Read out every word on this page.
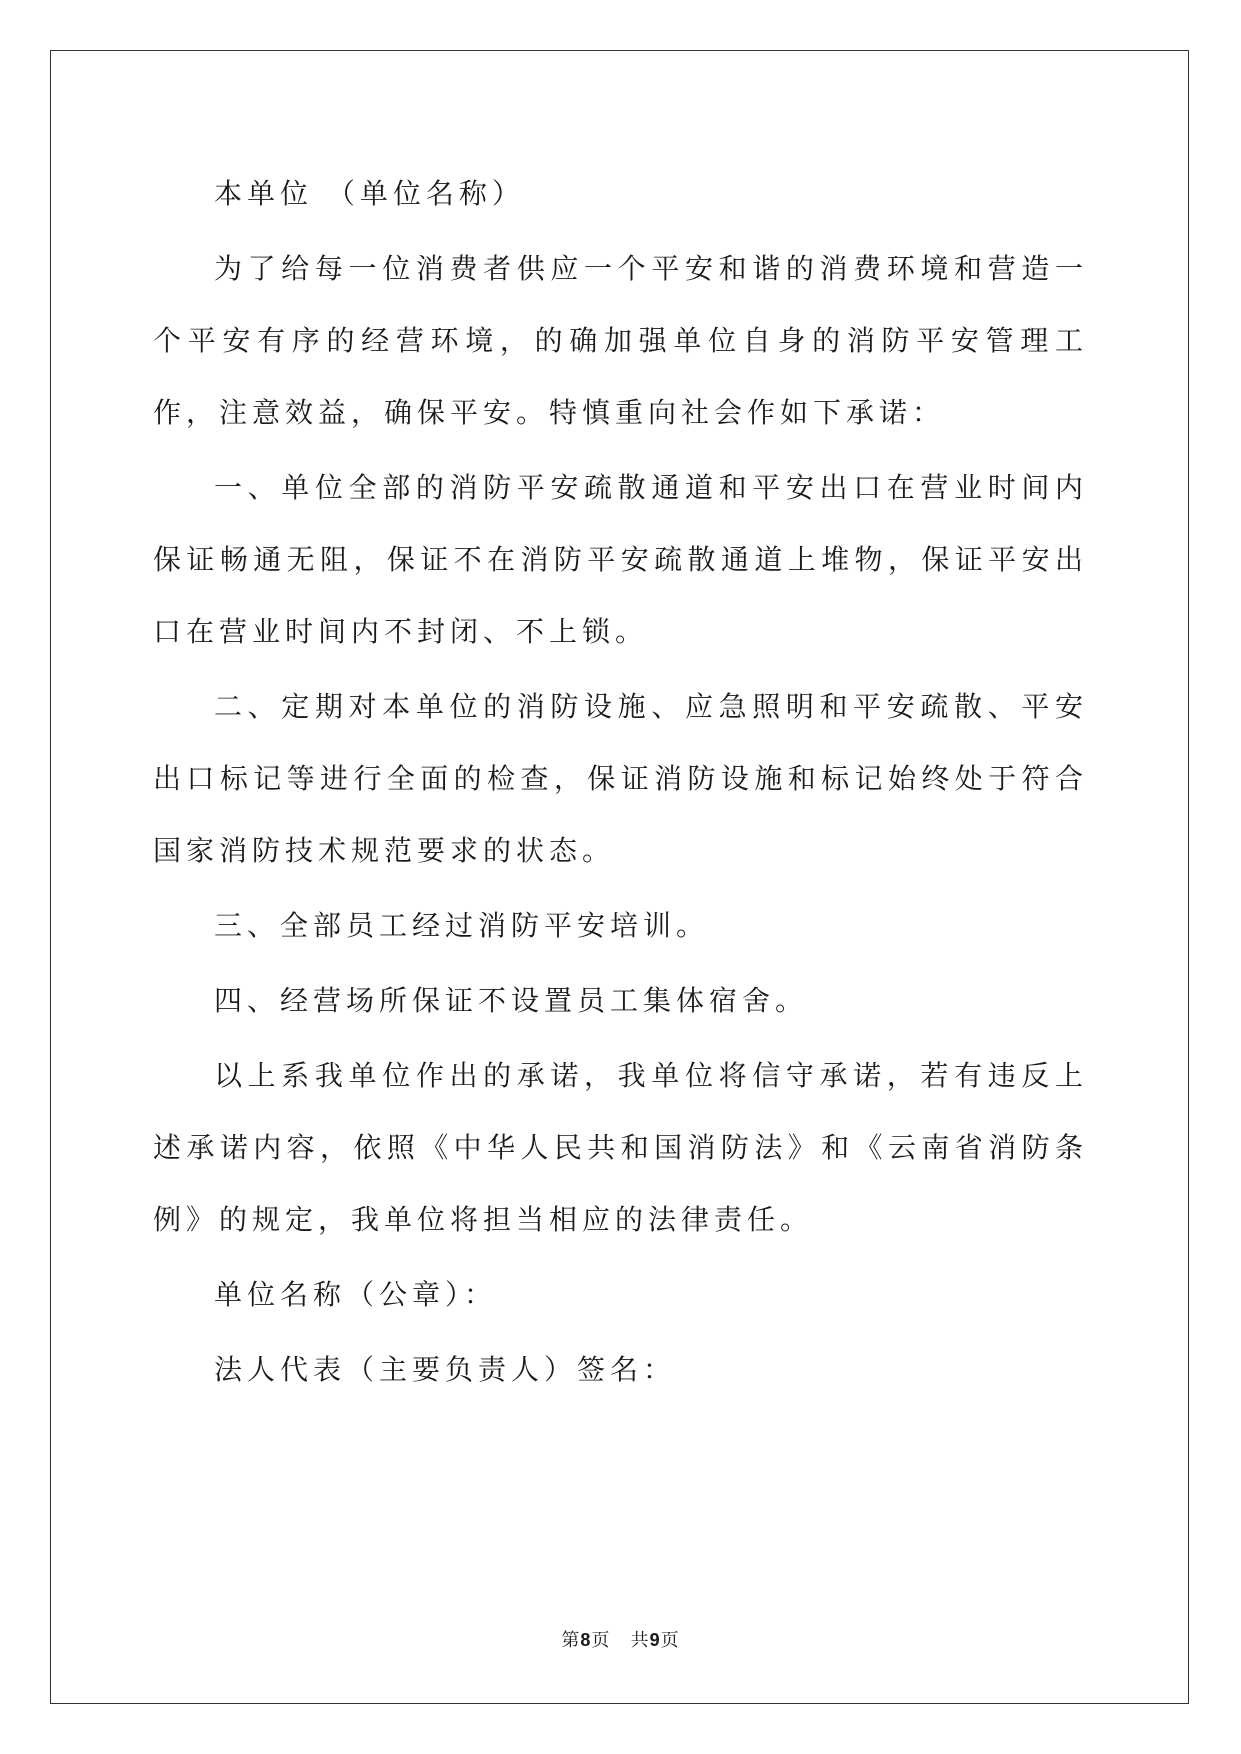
本单位 （单位名称）

为了给每一位消费者供应一个平安和谐的消费环境和营造一个平安有序的经营环境，的确加强单位自身的消防平安管理工作，注意效益，确保平安。特慎重向社会作如下承诺：

一、单位全部的消防平安疏散通道和平安出口在营业时间内保证畅通无阻，保证不在消防平安疏散通道上堆物，保证平安出口在营业时间内不封闭、不上锁。

二、定期对本单位的消防设施、应急照明和平安疏散、平安出口标记等进行全面的检查，保证消防设施和标记始终处于符合国家消防技术规范要求的状态。

三、全部员工经过消防平安培训。

四、经营场所保证不设置员工集体宿舍。

以上系我单位作出的承诺，我单位将信守承诺，若有违反上述承诺内容，依照《中华人民共和国消防法》和《云南省消防条例》的规定，我单位将担当相应的法律责任。

单位名称（公章）：

法人代表（主要负责人）签名：

第8页 共9页
